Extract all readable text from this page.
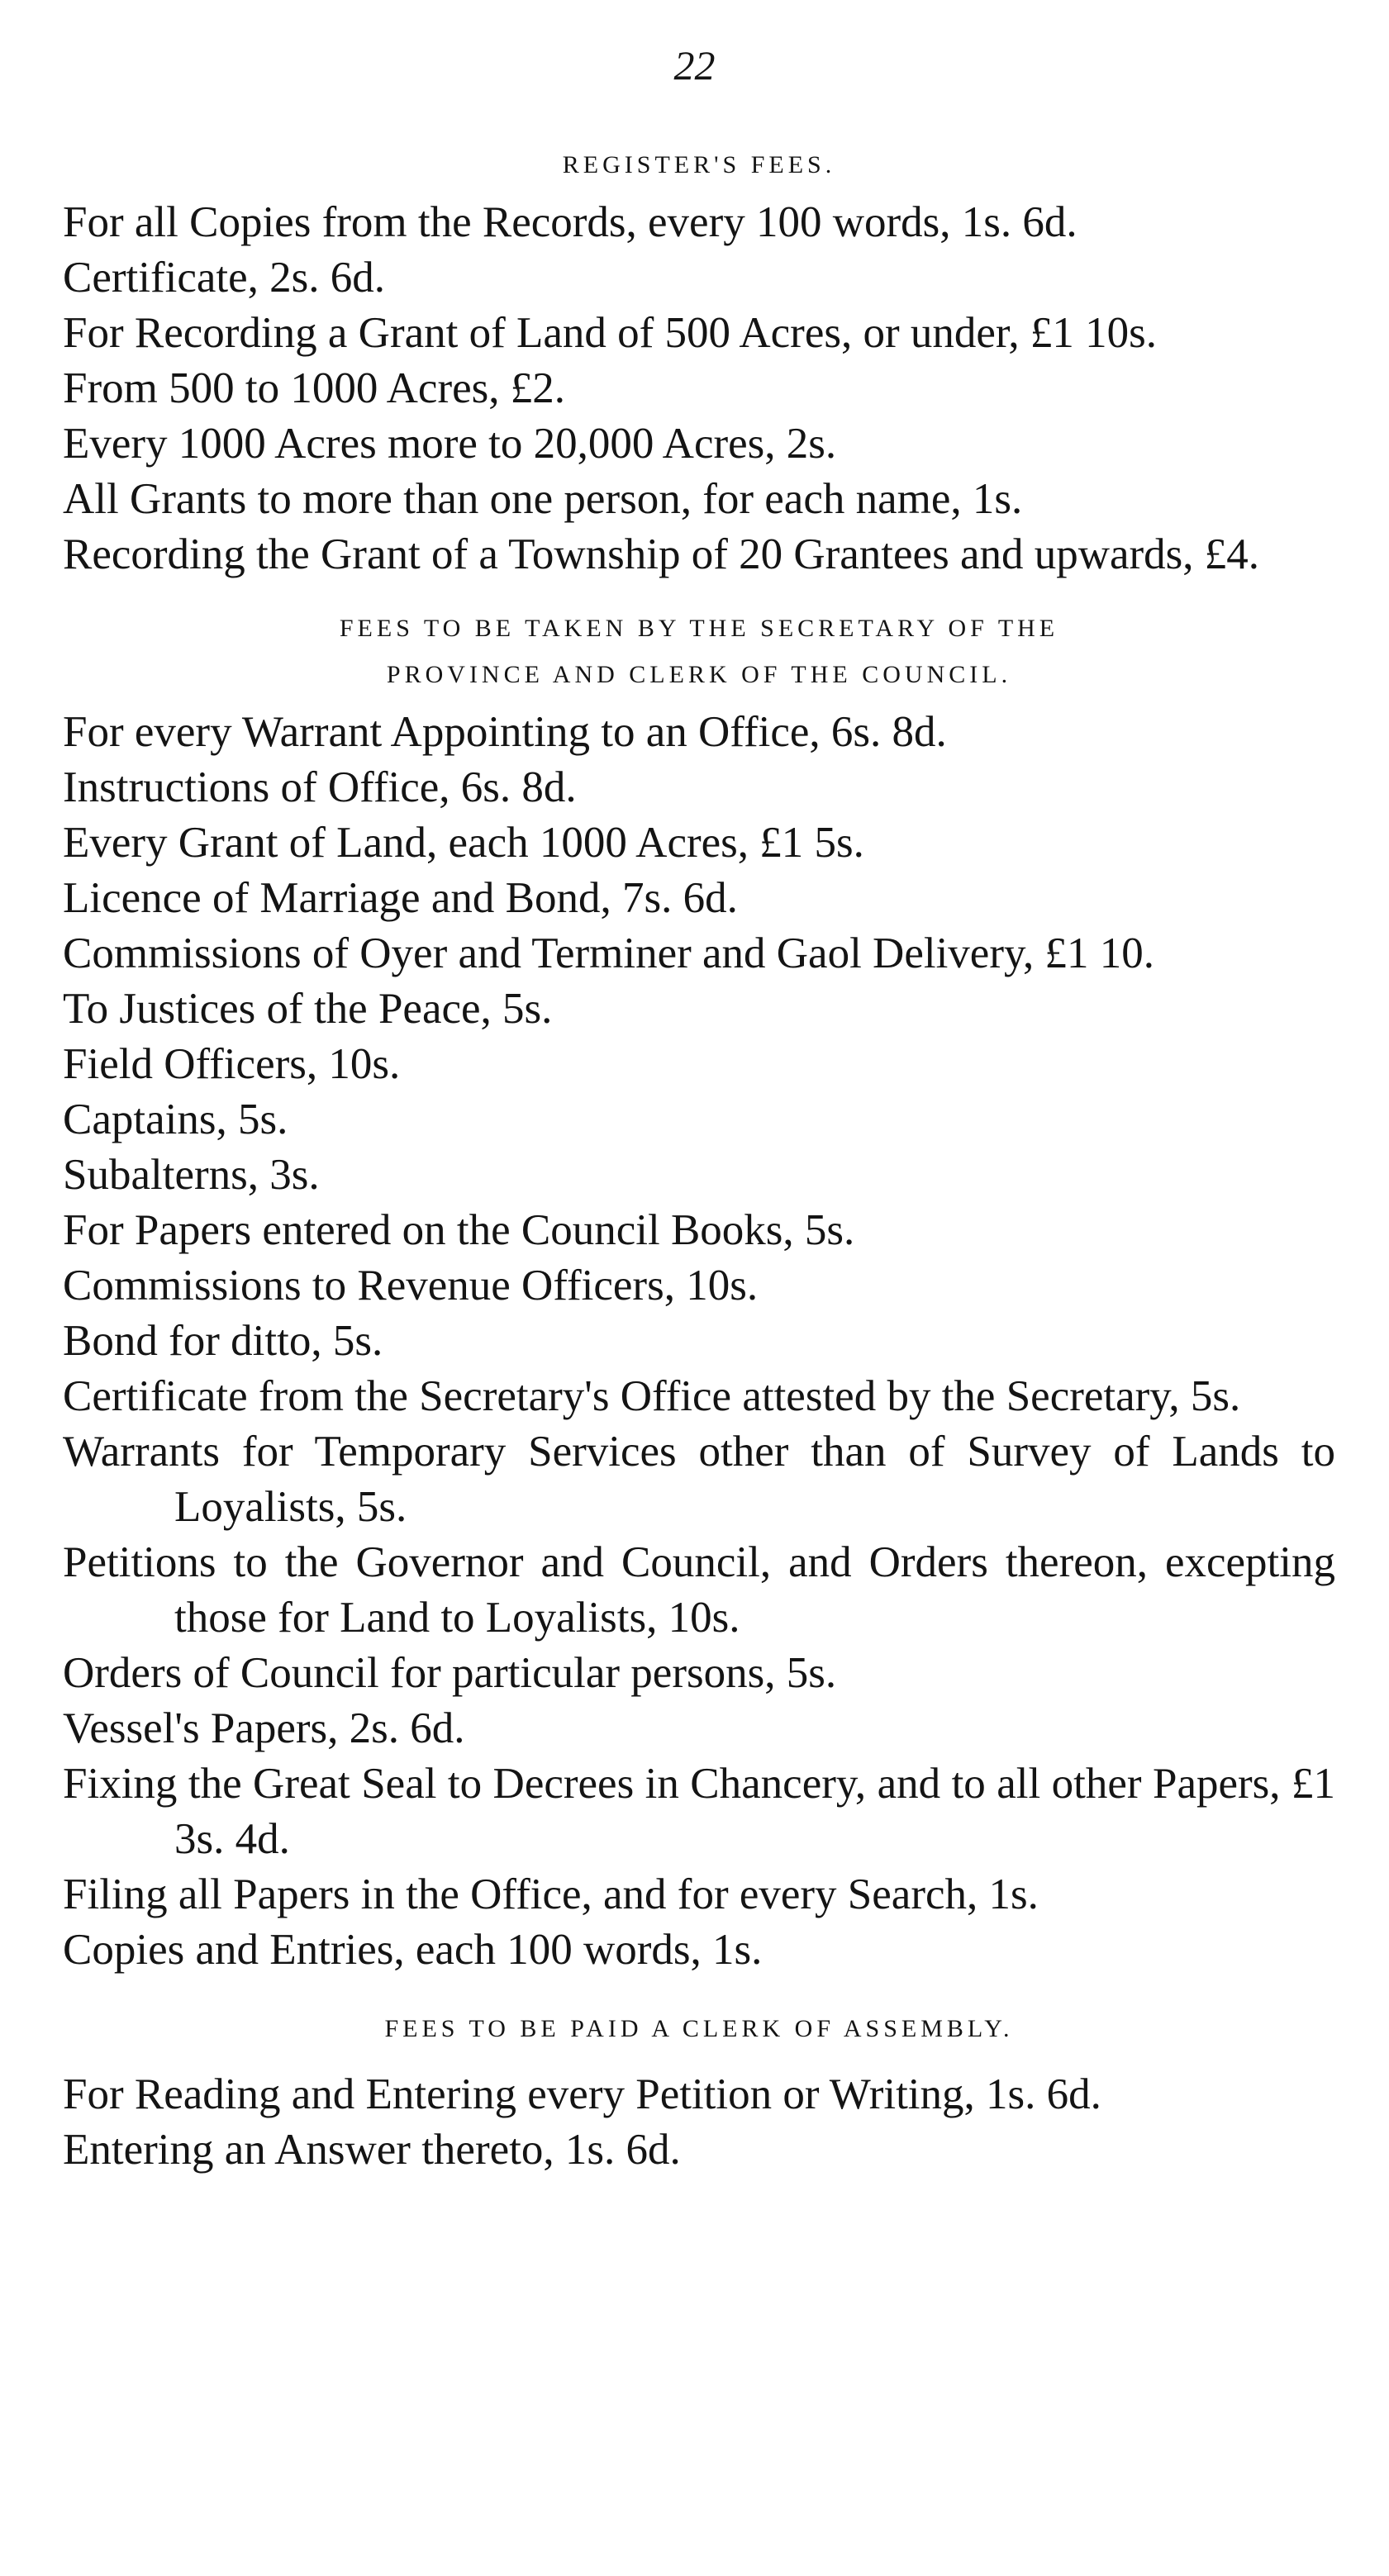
22
REGISTER'S FEES.

For all Copies from the Records, every 100 words, 1s. 6d.

Certificate, 2s. 6d.

For Recording a Grant of Land of 500 Acres, or under, £1 10s.

From 500 to 1000 Acres, £2.

Every 1000 Acres more to 20,000 Acres, 2s.

All Grants to more than one person, for each name, 1s.

Recording the Grant of a Township of 20 Grantees and upwards, £4.

FEES TO BE TAKEN BY THE SECRETARY OF THE
PROVINCE AND CLERK OF THE COUNCIL.

For every Warrant Appointing to an Office, 6s. 8d.

Instructions of Office, 6s. 8d.

Every Grant of Land, each 1000 Acres, £1 5s.

Licence of Marriage and Bond, 7s. 6d.

Commissions of Oyer and Terminer and Gaol Delivery, £1 10.

To Justices of the Peace, 5s.

Field Officers, 10s.

Captains, 5s.

Subalterns, 3s.

For Papers entered on the Council Books, 5s.

Commissions to Revenue Officers, 10s.

Bond for ditto, 5s.

Certificate from the Secretary's Office attested by the Secretary, 5s.

Warrants for Temporary Services other than of Survey of Lands to Loyalists, 5s.

Petitions to the Governor and Council, and Orders thereon, excepting those for Land to Loyalists, 10s.

Orders of Council for particular persons, 5s.

Vessel's Papers, 2s. 6d.

Fixing the Great Seal to Decrees in Chancery, and to all other Papers, £1 3s. 4d.

Filing all Papers in the Office, and for every Search, 1s.

Copies and Entries, each 100 words, 1s.

FEES TO BE PAID A CLERK OF ASSEMBLY.

For Reading and Entering every Petition or Writing, 1s. 6d.

Entering an Answer thereto, 1s. 6d.
